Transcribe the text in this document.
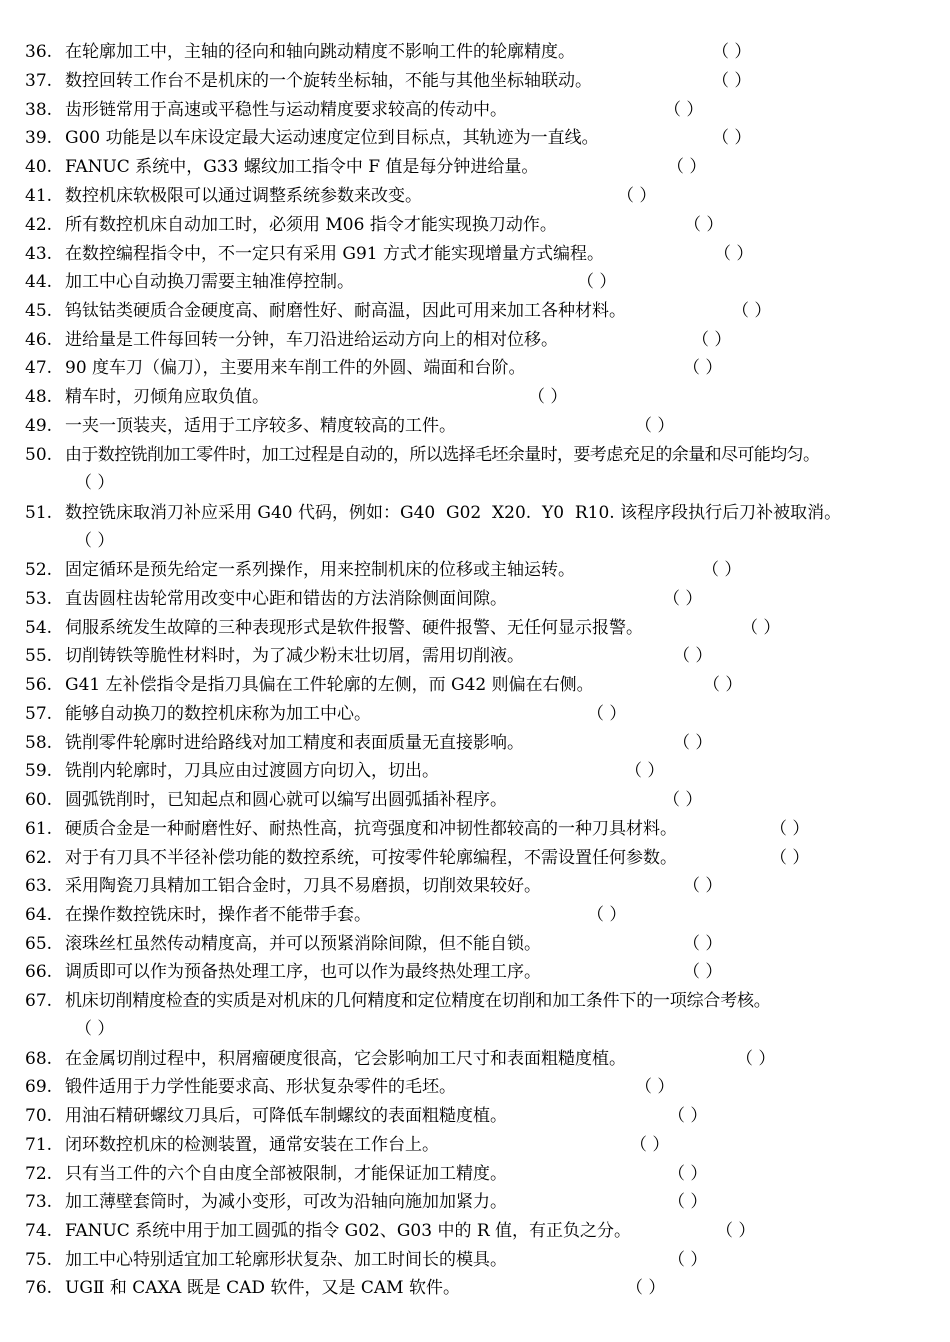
36. 在轮廓加工中，主轴的径向和轴向跳动精度不影响工件的轮廓精度。	（ ）
37. 数控回转工作台不是机床的一个旋转坐标轴，不能与其他坐标轴联动。	（ ）
38. 齿形链常用于高速或平稳性与运动精度要求较高的传动中。	（ ）
39. G00 功能是以车床设定最大运动速度定位到目标点，其轨迹为一直线。	（ ）
40. FANUC 系统中，G33 螺纹加工指令中 F 值是每分钟进给量。	（ ）
41. 数控机床软极限可以通过调整系统参数来改变。	（ ）
42. 所有数控机床自动加工时，必须用 M06 指令才能实现换刀动作。	（ ）
43. 在数控编程指令中，不一定只有采用 G91 方式才能实现增量方式编程。	（ ）
44. 加工中心自动换刀需要主轴准停控制。	（ ）
45. 钨钛钴类硬质合金硬度高、耐磨性好、耐高温，因此可用来加工各种材料。	（ ）
46. 进给量是工件每回转一分钟，车刀沿进给运动方向上的相对位移。	（ ）
47. 90 度车刀（偏刀），主要用来车削工件的外圆、端面和台阶。	（ ）
48. 精车时，刃倾角应取负值。	（ ）
49. 一夹一顶装夹，适用于工序较多、精度较高的工件。	（ ）
50. 由于数控铣削加工零件时，加工过程是自动的，所以选择毛坯余量时，要考虑充足的余量和尽可能均匀。
（ ）
51. 数控铣床取消刀补应采用 G40 代码，例如：G40  G02  X20.  Y0  R10. 该程序段执行后刀补被取消。
（ ）
52. 固定循环是预先给定一系列操作，用来控制机床的位移或主轴运转。	（ ）
53. 直齿圆柱齿轮常用改变中心距和错齿的方法消除侧面间隙。	（ ）
54. 伺服系统发生故障的三种表现形式是软件报警、硬件报警、无任何显示报警。	（ ）
55. 切削铸铁等脆性材料时，为了减少粉末壮切屑，需用切削液。	（ ）
56. G41 左补偿指令是指刀具偏在工件轮廓的左侧，而 G42 则偏在右侧。	（ ）
57. 能够自动换刀的数控机床称为加工中心。	（ ）
58. 铣削零件轮廓时进给路线对加工精度和表面质量无直接影响。	（ ）
59. 铣削内轮廓时，刀具应由过渡圆方向切入，切出。	（ ）
60. 圆弧铣削时，已知起点和圆心就可以编写出圆弧插补程序。	（ ）
61. 硬质合金是一种耐磨性好、耐热性高，抗弯强度和冲韧性都较高的一种刀具材料。	（ ）
62. 对于有刀具不半径补偿功能的数控系统，可按零件轮廓编程，不需设置任何参数。	（ ）
63. 采用陶瓷刀具精加工铝合金时，刀具不易磨损，切削效果较好。	（ ）
64. 在操作数控铣床时，操作者不能带手套。	（ ）
65. 滚珠丝杠虽然传动精度高，并可以预紧消除间隙，但不能自锁。	（ ）
66. 调质即可以作为预备热处理工序，也可以作为最终热处理工序。	（ ）
67. 机床切削精度检查的实质是对机床的几何精度和定位精度在切削和加工条件下的一项综合考核。
（ ）
68. 在金属切削过程中，积屑瘤硬度很高，它会影响加工尺寸和表面粗糙度植。	（ ）
69. 锻件适用于力学性能要求高、形状复杂零件的毛坯。	（ ）
70. 用油石精研螺纹刀具后，可降低车制螺纹的表面粗糙度植。	（ ）
71. 闭环数控机床的检测装置，通常安装在工作台上。	（ ）
72. 只有当工件的六个自由度全部被限制，才能保证加工精度。	（ ）
73. 加工薄壁套筒时，为减小变形，可改为沿轴向施加加紧力。	（ ）
74. FANUC 系统中用于加工圆弧的指令 G02、G03 中的 R 值，有正负之分。	（ ）
75. 加工中心特别适宜加工轮廓形状复杂、加工时间长的模具。	（ ）
76. UGⅡ 和 CAXA 既是 CAD 软件，又是 CAM 软件。	（ ）
